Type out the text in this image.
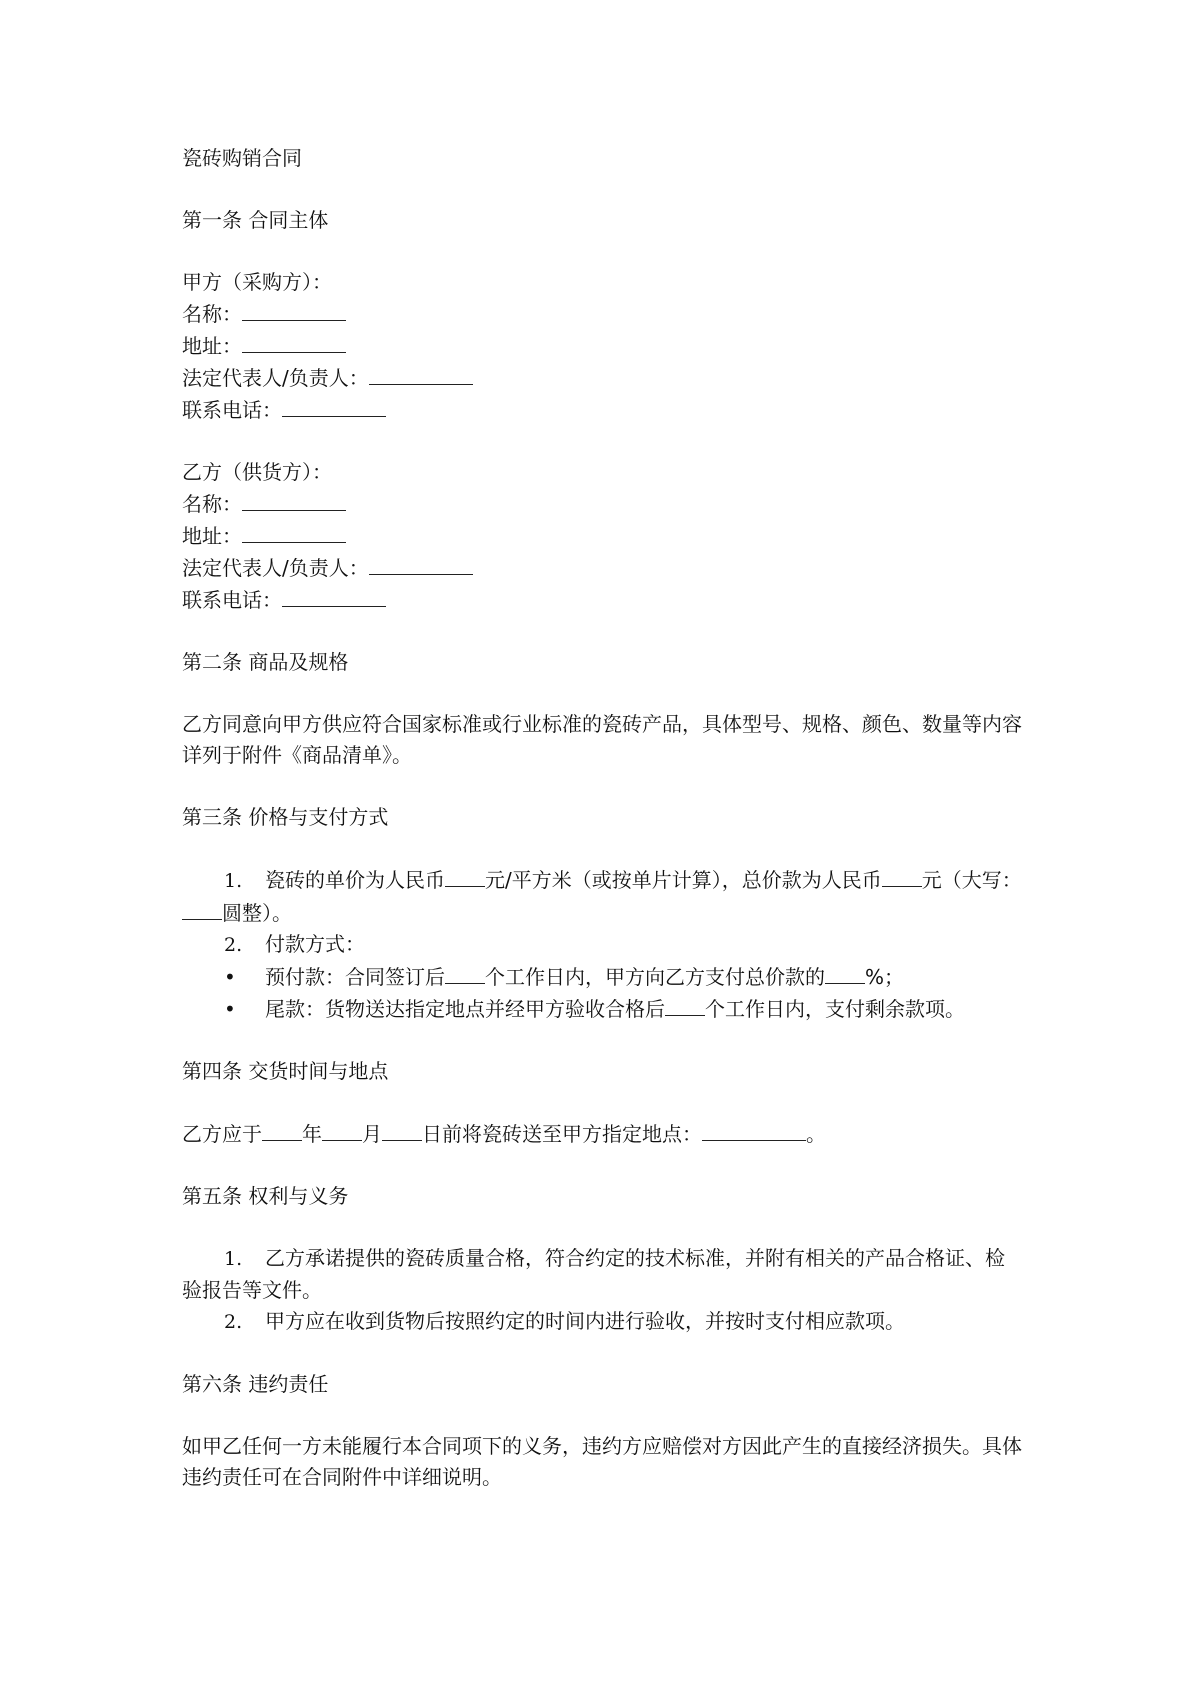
瓷砖购销合同

第一条 合同主体

甲方（采购方）：

名称：

地址：

法定代表人/负责人：

联系电话：

乙方（供货方）：

名称：

地址：

法定代表人/负责人：

联系电话：

第二条 商品及规格

乙方同意向甲方供应符合国家标准或行业标准的瓷砖产品，具体型号、规格、颜色、数量等内容详列于附件《商品清单》。

第三条 价格与支付方式

1. 瓷砖的单价为人民币 元/平方米（或按单片计算），总价款为人民币 元（大写：圆整）。

2. 付款方式：

• 预付款：合同签订后 个工作日内，甲方向乙方支付总价款的 %；

• 尾款：货物送达指定地点并经甲方验收合格后 个工作日内，支付剩余款项。

第四条 交货时间与地点

乙方应于 年 月 日前将瓷砖送至甲方指定地点：	。

第五条 权利与义务

1. 乙方承诺提供的瓷砖质量合格，符合约定的技术标准，并附有相关的产品合格证、检验报告等文件。

2. 甲方应在收到货物后按照约定的时间内进行验收，并按时支付相应款项。

第六条 违约责任

如甲乙任何一方未能履行本合同项下的义务，违约方应赔偿对方因此产生的直接经济损失。具体违约责任可在合同附件中详细说明。
